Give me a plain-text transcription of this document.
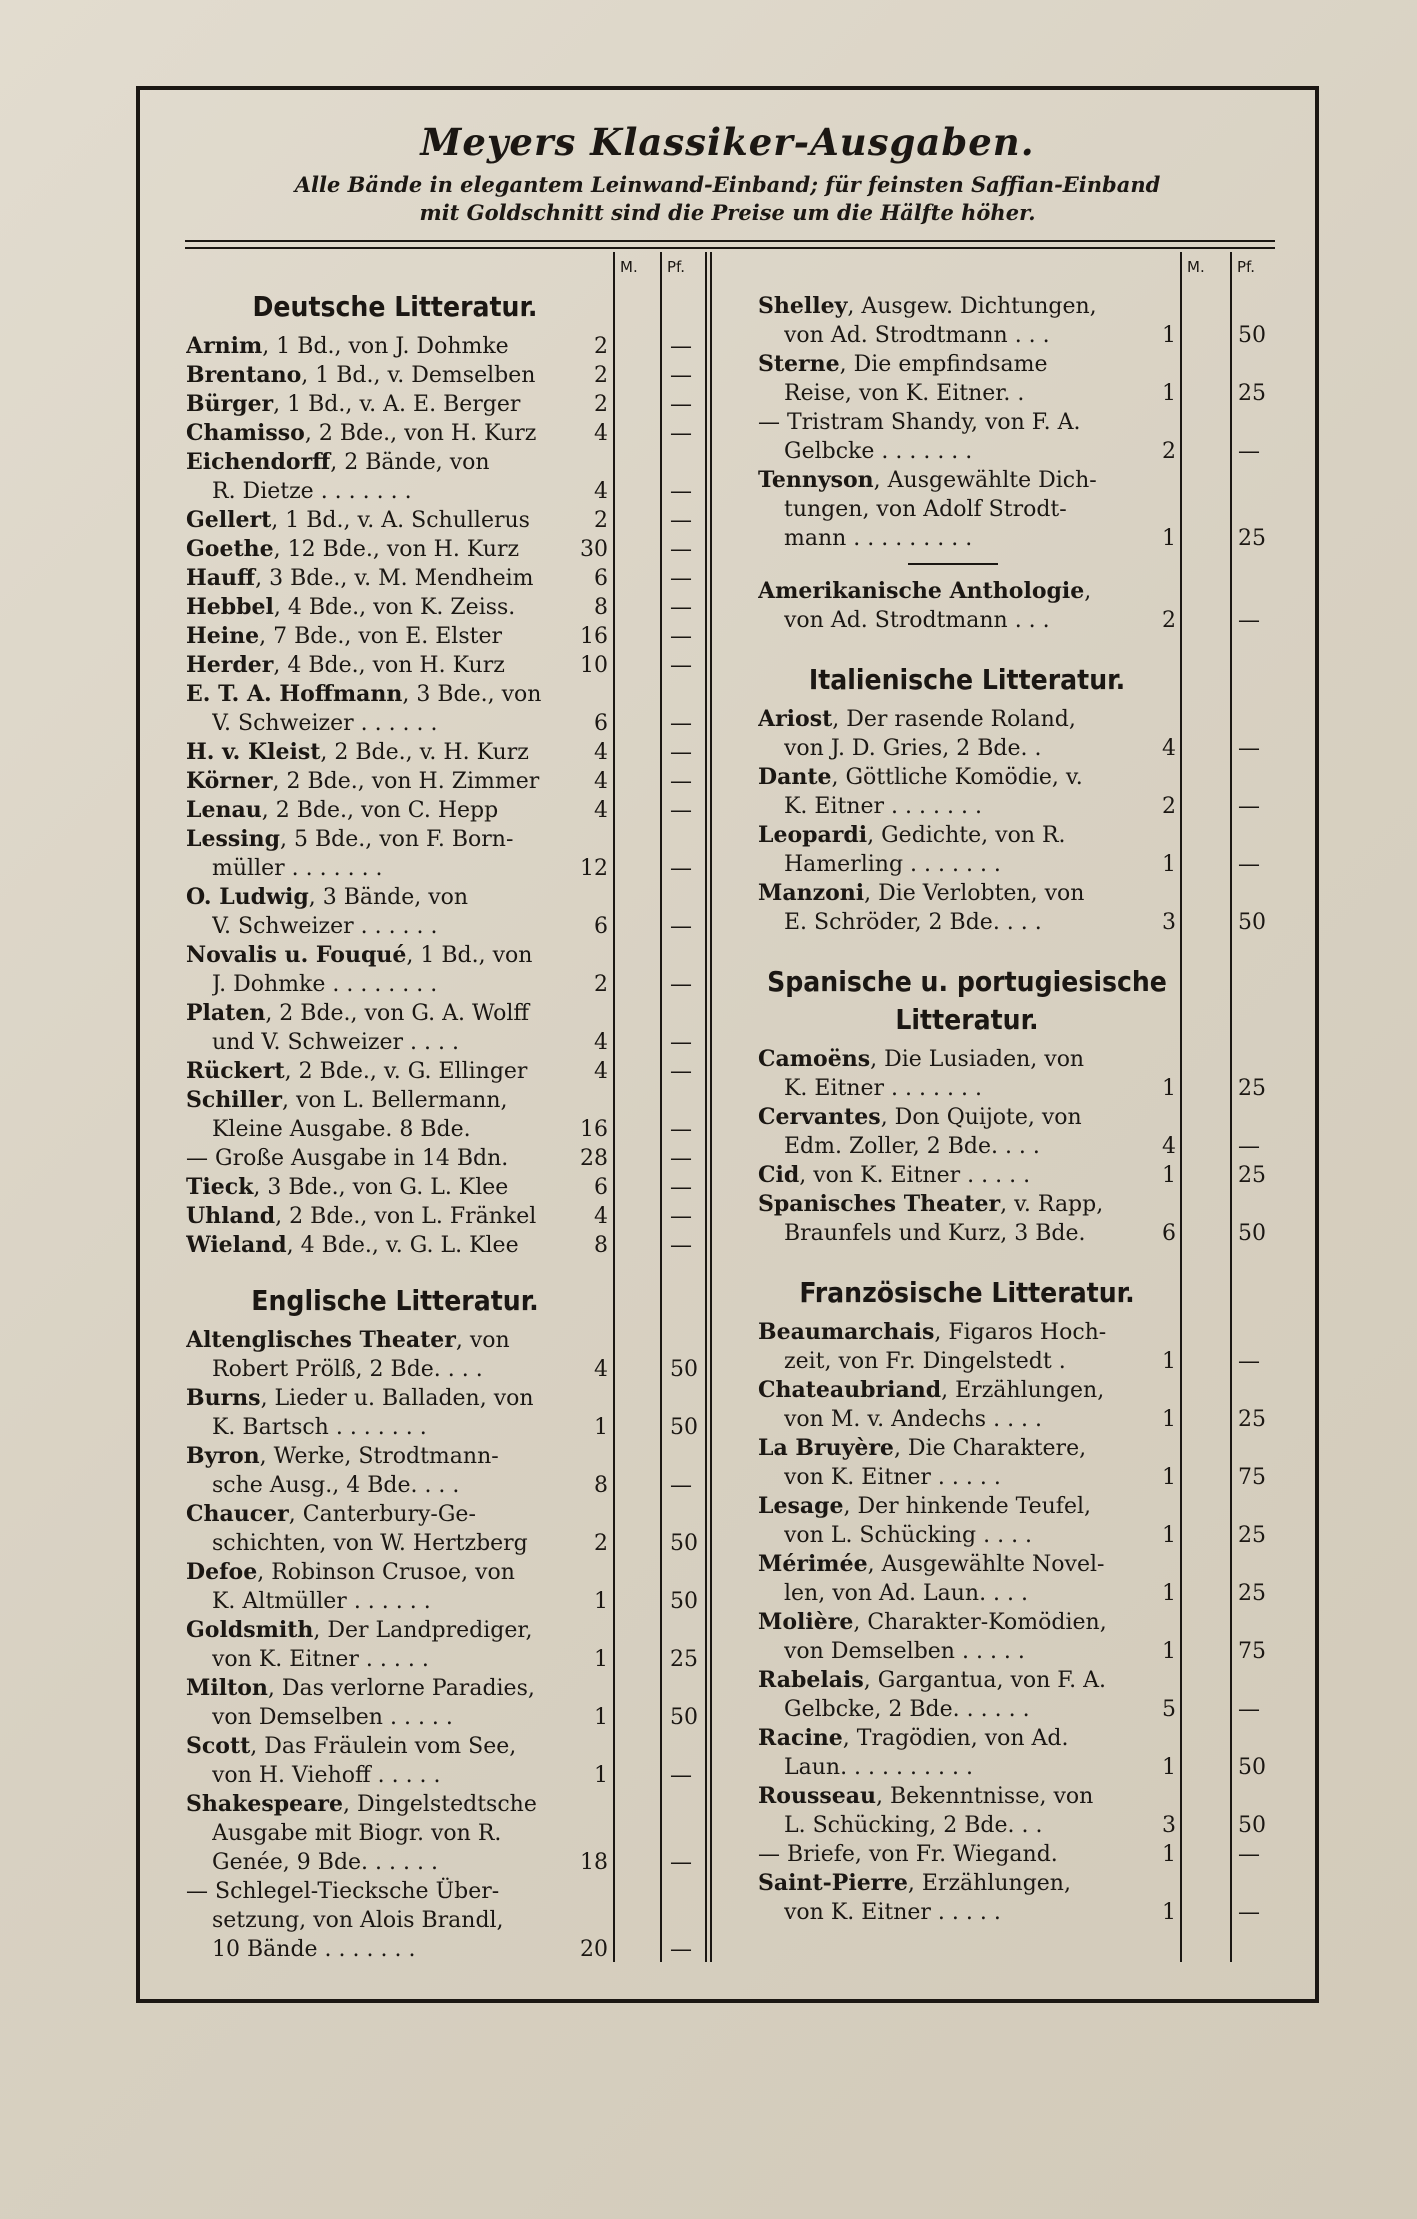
Meyers Klassiker-Ausgaben.
Alle Bände in elegantem Leinwand-Einband; für feinsten Saffian-Einband
mit Goldschnitt sind die Preise um die Hälfte höher.
M. Pf.	M. Pf.
Deutsche Litteratur.
Arnim, 1 Bd., von J. Dohmke	2	—
Brentano, 1 Bd., v. Demselben	2	—
Bürger, 1 Bd., v. A. E. Berger	2	—
Chamisso, 2 Bde., von H. Kurz	4	—
Eichendorff, 2 Bände, von
R. Dietze . . . . . . .	4	—
Gellert, 1 Bd., v. A. Schullerus	2	—
Goethe, 12 Bde., von H. Kurz	30	—
Hauff, 3 Bde., v. M. Mendheim	6	—
Hebbel, 4 Bde., von K. Zeiss.	8	—
Heine, 7 Bde., von E. Elster	16	—
Herder, 4 Bde., von H. Kurz	10	—
E. T. A. Hoffmann, 3 Bde., von
V. Schweizer . . . . . .	6	—
H. v. Kleist, 2 Bde., v. H. Kurz	4	—
Körner, 2 Bde., von H. Zimmer	4	—
Lenau, 2 Bde., von C. Hepp	4	—
Lessing, 5 Bde., von F. Born-
müller . . . . . . .	12	—
O. Ludwig, 3 Bände, von
V. Schweizer . . . . . .	6	—
Novalis u. Fouqué, 1 Bd., von
J. Dohmke . . . . . . . .	2	—
Platen, 2 Bde., von G. A. Wolff
und V. Schweizer . . . .	4	—
Rückert, 2 Bde., v. G. Ellinger	4	—
Schiller, von L. Bellermann,
Kleine Ausgabe. 8 Bde.	16	—
— Große Ausgabe in 14 Bdn.	28	—
Tieck, 3 Bde., von G. L. Klee	6	—
Uhland, 2 Bde., von L. Fränkel	4	—
Wieland, 4 Bde., v. G. L. Klee	8	—
Englische Litteratur.
Altenglisches Theater, von
Robert Prölß, 2 Bde. . . .	4	50
Burns, Lieder u. Balladen, von
K. Bartsch . . . . . . .	1	50
Byron, Werke, Strodtmann-
sche Ausg., 4 Bde. . . .	8	—
Chaucer, Canterbury-Ge-
schichten, von W. Hertzberg	2	50
Defoe, Robinson Crusoe, von
K. Altmüller . . . . . .	1	50
Goldsmith, Der Landprediger,
von K. Eitner . . . . .	1	25
Milton, Das verlorne Paradies,
von Demselben . . . . .	1	50
Scott, Das Fräulein vom See,
von H. Viehoff . . . . .	1	—
Shakespeare, Dingelstedtsche
Ausgabe mit Biogr. von R.
Genée, 9 Bde. . . . . .	18	—
— Schlegel-Tiecksche Über-
setzung, von Alois Brandl,
10 Bände . . . . . . .	20	—
Shelley, Ausgew. Dichtungen,
von Ad. Strodtmann . . .	1	50
Sterne, Die empfindsame
Reise, von K. Eitner. .	1	25
— Tristram Shandy, von F. A.
Gelbcke . . . . . . .	2	—
Tennyson, Ausgewählte Dich-
tungen, von Adolf Strodt-
mann . . . . . . . . .	1	25
Amerikanische Anthologie,
von Ad. Strodtmann . . .	2	—
Italienische Litteratur.
Ariost, Der rasende Roland,
von J. D. Gries, 2 Bde. .	4	—
Dante, Göttliche Komödie, v.
K. Eitner . . . . . . .	2	—
Leopardi, Gedichte, von R.
Hamerling . . . . . . .	1	—
Manzoni, Die Verlobten, von
E. Schröder, 2 Bde. . . .	3	50
Spanische u. portugiesische
Litteratur.
Camoëns, Die Lusiaden, von
K. Eitner . . . . . . .	1	25
Cervantes, Don Quijote, von
Edm. Zoller, 2 Bde. . . .	4	—
Cid, von K. Eitner . . . . .	1	25
Spanisches Theater, v. Rapp,
Braunfels und Kurz, 3 Bde.	6	50
Französische Litteratur.
Beaumarchais, Figaros Hoch-
zeit, von Fr. Dingelstedt .	1	—
Chateaubriand, Erzählungen,
von M. v. Andechs . . . .	1	25
La Bruyère, Die Charaktere,
von K. Eitner . . . . .	1	75
Lesage, Der hinkende Teufel,
von L. Schücking . . . .	1	25
Mérimée, Ausgewählte Novel-
len, von Ad. Laun. . . .	1	25
Molière, Charakter-Komödien,
von Demselben . . . . .	1	75
Rabelais, Gargantua, von F. A.
Gelbcke, 2 Bde. . . . . .	5	—
Racine, Tragödien, von Ad.
Laun. . . . . . . . . .	1	50
Rousseau, Bekenntnisse, von
L. Schücking, 2 Bde. . .	3	50
— Briefe, von Fr. Wiegand.	1	—
Saint-Pierre, Erzählungen,
von K. Eitner . . . . .	1	—
